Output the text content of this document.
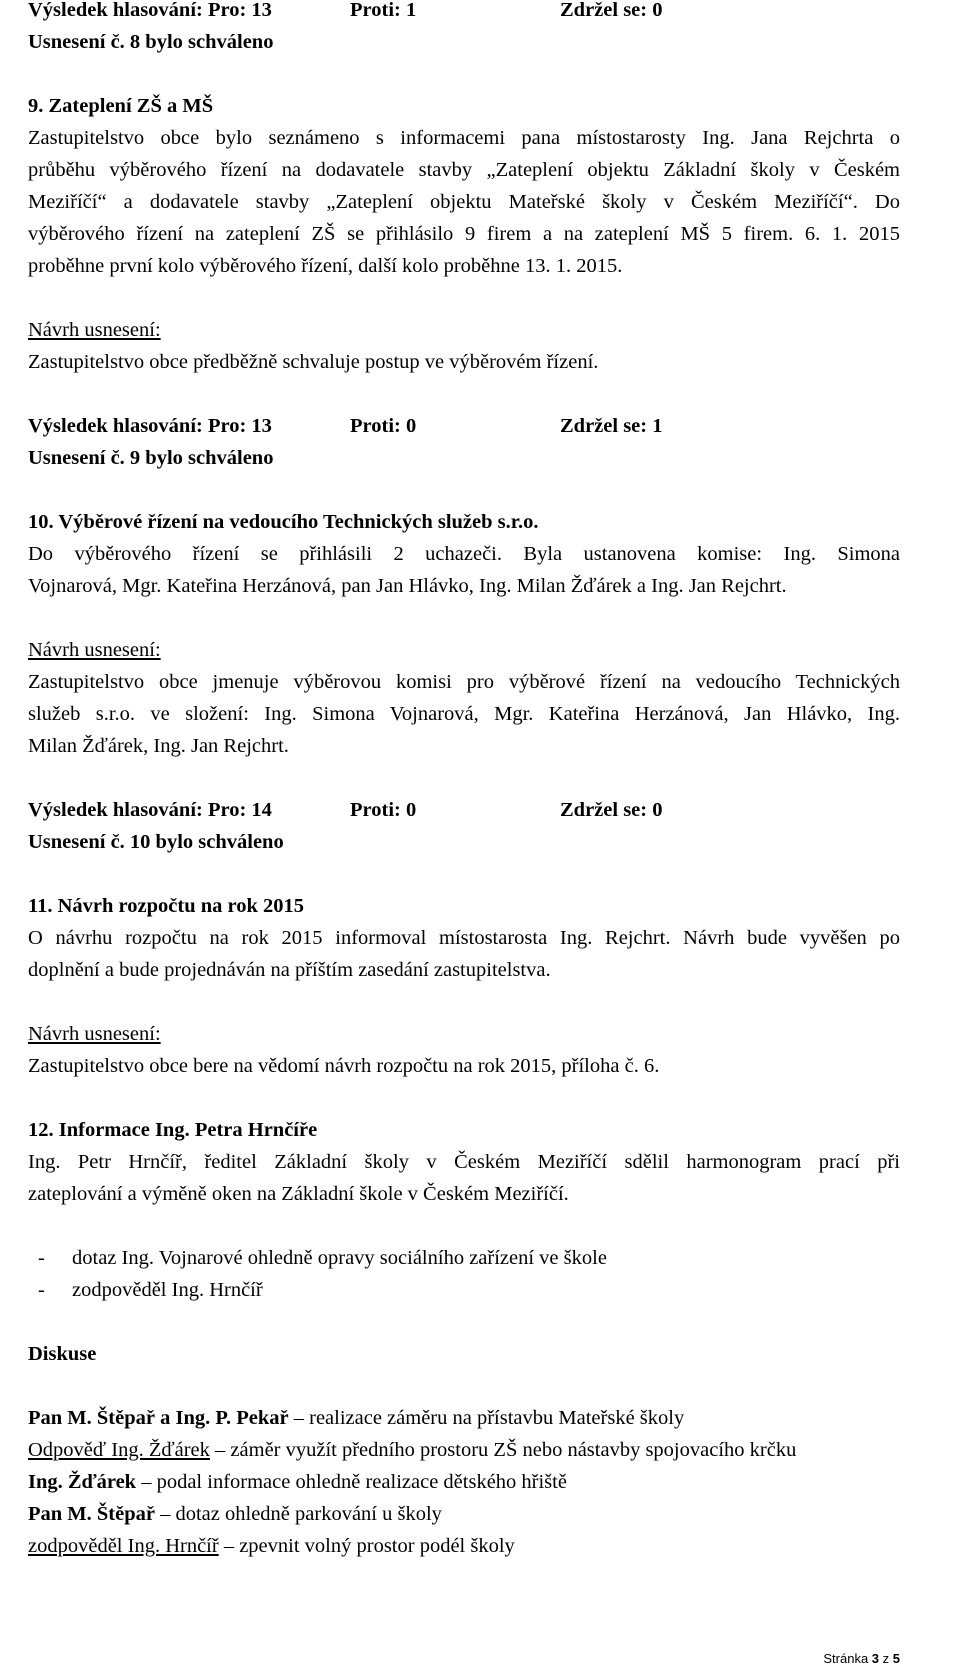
Výsledek hlasování: Pro: 13	Proti: 1	Zdržel se: 0
Usnesení č. 8 bylo schváleno
9. Zateplení ZŠ a MŠ
Zastupitelstvo obce bylo seznámeno s informacemi pana místostarosty Ing. Jana Rejchrta o
průběhu výběrového řízení na dodavatele stavby „Zateplení objektu Základní školy v Českém
Meziříčí“ a dodavatele stavby „Zateplení objektu Mateřské školy v Českém Meziříčí“. Do
výběrového řízení na zateplení ZŠ se přihlásilo 9 firem a na zateplení MŠ 5 firem. 6. 1. 2015
proběhne první kolo výběrového řízení, další kolo proběhne 13. 1. 2015.
Návrh usnesení:
Zastupitelstvo obce předběžně schvaluje postup ve výběrovém řízení.
Výsledek hlasování: Pro: 13	Proti: 0	Zdržel se: 1
Usnesení č. 9 bylo schváleno
10. Výběrové řízení na vedoucího Technických služeb s.r.o.
Do výběrového řízení se přihlásili 2 uchazeči. Byla ustanovena komise: Ing. Simona
Vojnarová, Mgr. Kateřina Herzánová, pan Jan Hlávko, Ing. Milan Žďárek a Ing. Jan Rejchrt.
Návrh usnesení:
Zastupitelstvo obce jmenuje výběrovou komisi pro výběrové řízení na vedoucího Technických
služeb s.r.o. ve složení: Ing. Simona Vojnarová, Mgr. Kateřina Herzánová, Jan Hlávko, Ing.
Milan Žďárek, Ing. Jan Rejchrt.
Výsledek hlasování: Pro: 14	Proti: 0	Zdržel se: 0
Usnesení č. 10 bylo schváleno
11. Návrh rozpočtu na rok 2015
O návrhu rozpočtu na rok 2015 informoval místostarosta Ing. Rejchrt. Návrh bude vyvěšen po
doplnění a bude projednáván na příštím zasedání zastupitelstva.
Návrh usnesení:
Zastupitelstvo obce bere na vědomí návrh rozpočtu na rok 2015, příloha č. 6.
12. Informace Ing. Petra Hrnčíře
Ing. Petr Hrnčíř, ředitel Základní školy v Českém Meziříčí sdělil harmonogram prací při
zateplování a výměně oken na Základní škole v Českém Meziříčí.
- dotaz Ing. Vojnarové ohledně opravy sociálního zařízení ve škole
- zodpověděl Ing. Hrnčíř
Diskuse
Pan M. Štěpař a Ing. P. Pekař – realizace záměru na přístavbu Mateřské školy
Odpověď Ing. Žďárek – záměr využít předního prostoru ZŠ nebo nástavby spojovacího krčku
Ing. Žďárek – podal informace ohledně realizace dětského hřiště
Pan M. Štěpař – dotaz ohledně parkování u školy
zodpověděl Ing. Hrnčíř – zpevnit volný prostor podél školy
Stránka 3 z 5
